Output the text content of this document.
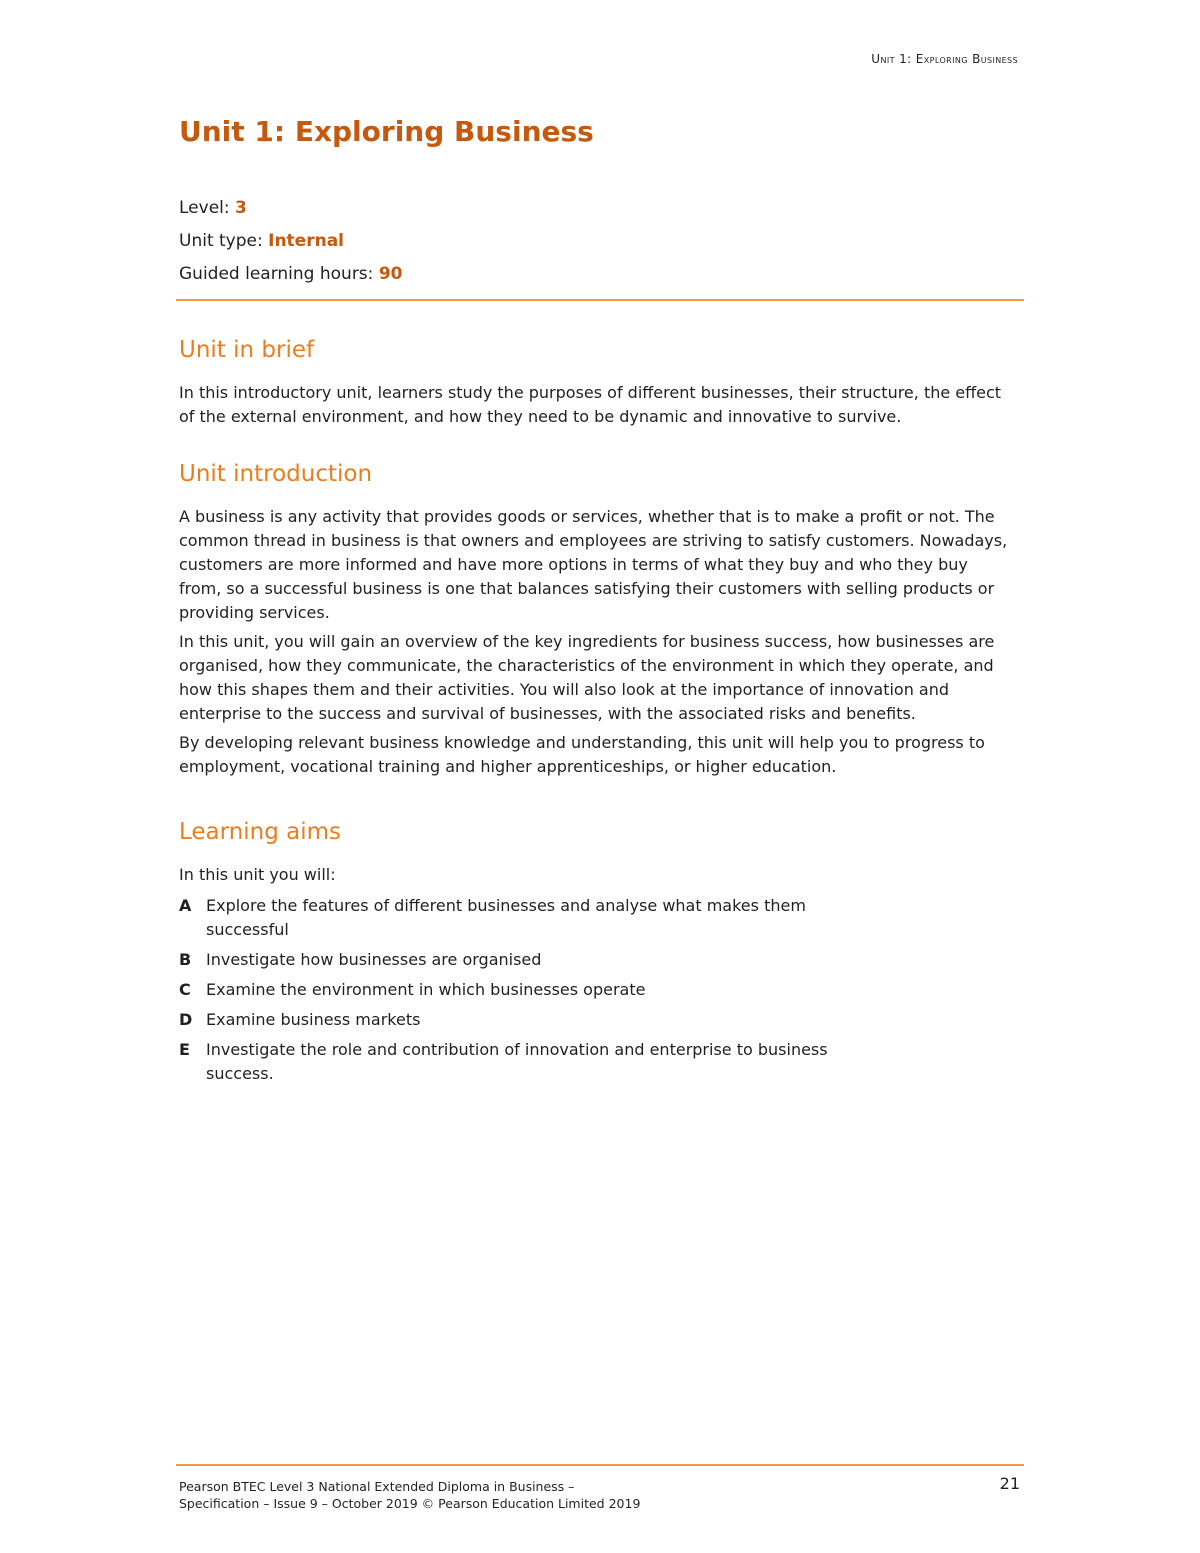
Unit 1: Exploring Business
Unit 1: Exploring Business

Level: 3

Unit type: Internal

Guided learning hours: 90

Unit in brief

In this introductory unit, learners study the purposes of different businesses, their structure, the effect of the external environment, and how they need to be dynamic and innovative to survive.

Unit introduction

A business is any activity that provides goods or services, whether that is to make a profit or not. The common thread in business is that owners and employees are striving to satisfy customers. Nowadays, customers are more informed and have more options in terms of what they buy and who they buy from, so a successful business is one that balances satisfying their customers with selling products or providing services.

In this unit, you will gain an overview of the key ingredients for business success, how businesses are organised, how they communicate, the characteristics of the environment in which they operate, and how this shapes them and their activities. You will also look at the importance of innovation and enterprise to the success and survival of businesses, with the associated risks and benefits.

By developing relevant business knowledge and understanding, this unit will help you to progress to employment, vocational training and higher apprenticeships, or higher education.

Learning aims

In this unit you will:

A Explore the features of different businesses and analyse what makes them successful
B Investigate how businesses are organised
C Examine the environment in which businesses operate
D Examine business markets
E	Investigate the role and contribution of innovation and enterprise to business success.
Pearson BTEC Level 3 National Extended Diploma in Business –
Specification – Issue 9 – October 2019 © Pearson Education Limited 2019
21
